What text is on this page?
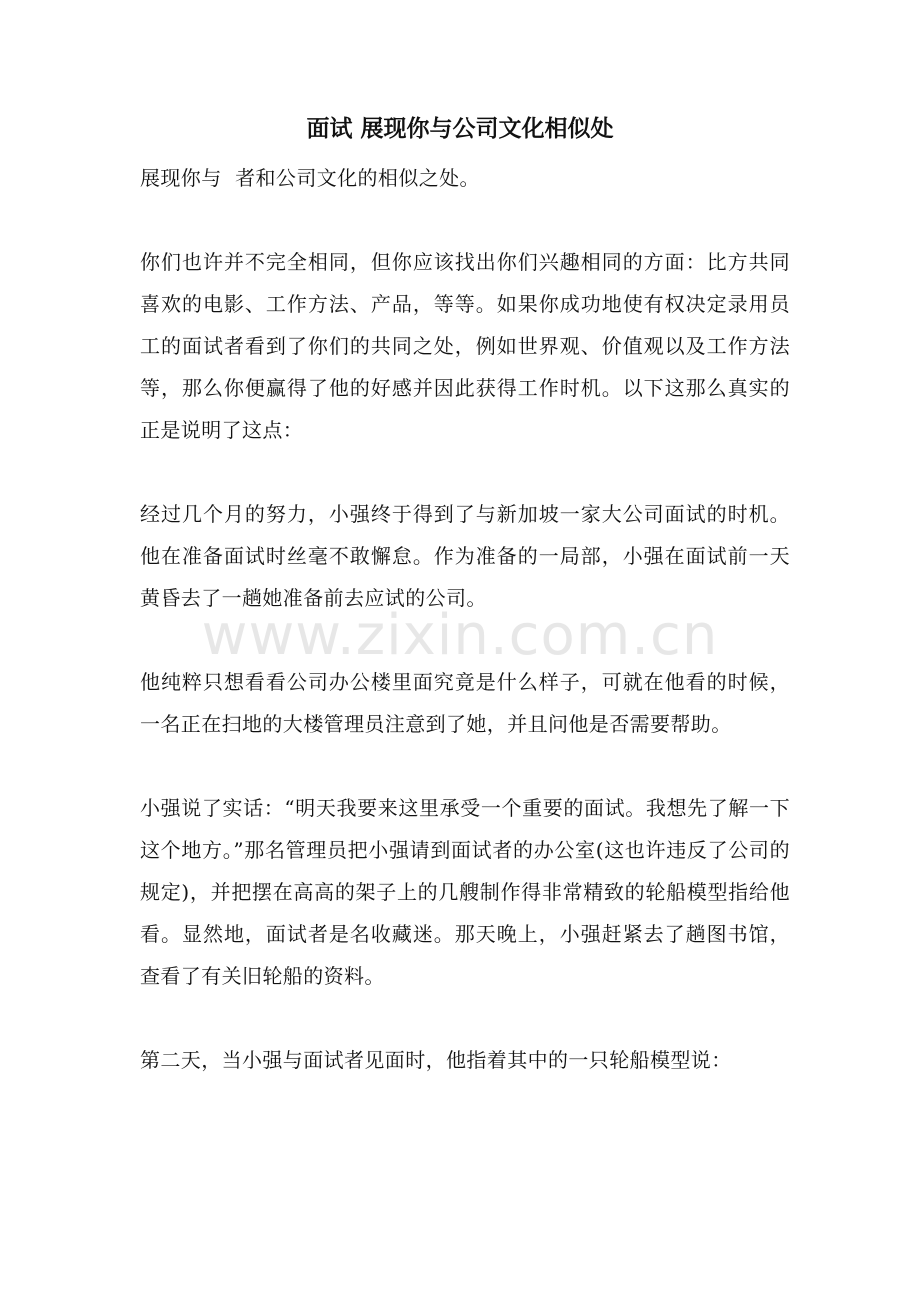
面试 展现你与公司文化相似处

展现你与  者和公司文化的相似之处。

你们也许并不完全相同，但你应该找出你们兴趣相同的方面：比方共同喜欢的电影、工作方法、产品，等等。如果你成功地使有权决定录用员工的面试者看到了你们的共同之处，例如世界观、价值观以及工作方法等，那么你便赢得了他的好感并因此获得工作时机。以下这那么真实的正是说明了这点：

经过几个月的努力，小强终于得到了与新加坡一家大公司面试的时机。他在准备面试时丝毫不敢懈怠。作为准备的一局部，小强在面试前一天黄昏去了一趟她准备前去应试的公司。

他纯粹只想看看公司办公楼里面究竟是什么样子，可就在他看的时候，一名正在扫地的大楼管理员注意到了她，并且问他是否需要帮助。

小强说了实话：“明天我要来这里承受一个重要的面试。我想先了解一下这个地方。”那名管理员把小强请到面试者的办公室(这也许违反了公司的规定)，并把摆在高高的架子上的几艘制作得非常精致的轮船模型指给他看。显然地，面试者是名收藏迷。那天晚上，小强赶紧去了趟图书馆，查看了有关旧轮船的资料。

第二天，当小强与面试者见面时，他指着其中的一只轮船模型说：

www.zixin.com.cn
